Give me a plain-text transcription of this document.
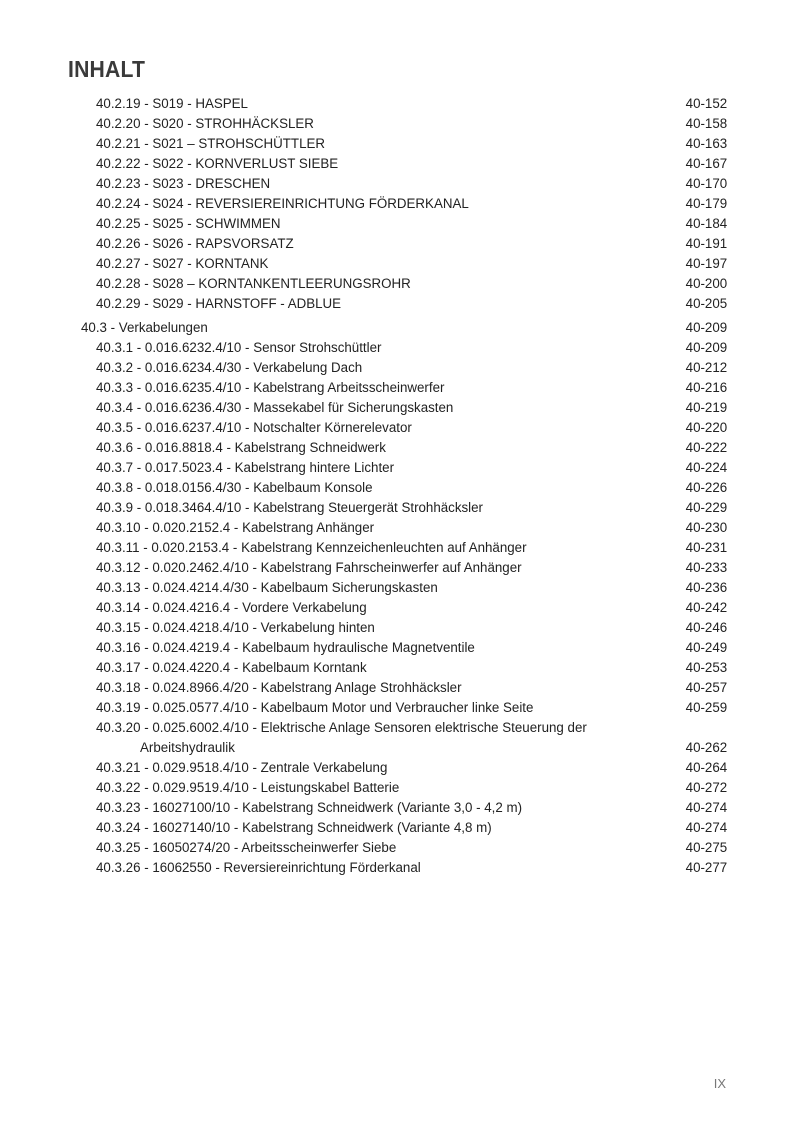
INHALT
40.2.19 - S019 - HASPEL	40-152
40.2.20 - S020 - STROHHÄCKSLER	40-158
40.2.21 - S021 – STROHSCHÜTTLER	40-163
40.2.22 - S022 - KORNVERLUST SIEBE	40-167
40.2.23 - S023 - DRESCHEN	40-170
40.2.24 - S024 - REVERSIEREINRICHTUNG FÖRDERKANAL	40-179
40.2.25 - S025 - SCHWIMMEN	40-184
40.2.26 - S026 - RAPSVORSATZ	40-191
40.2.27 - S027 - KORNTANK	40-197
40.2.28 - S028 – KORNTANKENTLEERUNGSROHR	40-200
40.2.29 - S029 - HARNSTOFF - ADBLUE	40-205
40.3 - Verkabelungen	40-209
40.3.1 - 0.016.6232.4/10 - Sensor Strohschüttler	40-209
40.3.2 - 0.016.6234.4/30 - Verkabelung Dach	40-212
40.3.3 - 0.016.6235.4/10 - Kabelstrang Arbeitsscheinwerfer	40-216
40.3.4 - 0.016.6236.4/30 - Massekabel für Sicherungskasten	40-219
40.3.5 - 0.016.6237.4/10 - Notschalter Körnerelevator	40-220
40.3.6 - 0.016.8818.4 - Kabelstrang Schneidwerk	40-222
40.3.7 - 0.017.5023.4 - Kabelstrang hintere Lichter	40-224
40.3.8 - 0.018.0156.4/30 - Kabelbaum Konsole	40-226
40.3.9 - 0.018.3464.4/10 - Kabelstrang Steuergerät Strohhäcksler	40-229
40.3.10 - 0.020.2152.4 - Kabelstrang Anhänger	40-230
40.3.11 - 0.020.2153.4 - Kabelstrang Kennzeichenleuchten auf Anhänger	40-231
40.3.12 - 0.020.2462.4/10 - Kabelstrang Fahrscheinwerfer auf Anhänger	40-233
40.3.13 - 0.024.4214.4/30 - Kabelbaum Sicherungskasten	40-236
40.3.14 - 0.024.4216.4 - Vordere Verkabelung	40-242
40.3.15 - 0.024.4218.4/10 - Verkabelung hinten	40-246
40.3.16 - 0.024.4219.4 - Kabelbaum hydraulische Magnetventile	40-249
40.3.17 - 0.024.4220.4 - Kabelbaum Korntank	40-253
40.3.18 - 0.024.8966.4/20 - Kabelstrang Anlage Strohhäcksler	40-257
40.3.19 - 0.025.0577.4/10 - Kabelbaum Motor und Verbraucher linke Seite	40-259
40.3.20 - 0.025.6002.4/10 - Elektrische Anlage Sensoren elektrische Steuerung der
Arbeitshydraulik	40-262
40.3.21 - 0.029.9518.4/10 - Zentrale Verkabelung	40-264
40.3.22 - 0.029.9519.4/10 - Leistungskabel Batterie	40-272
40.3.23 - 16027100/10 - Kabelstrang Schneidwerk (Variante 3,0 - 4,2 m)	40-274
40.3.24 - 16027140/10 - Kabelstrang Schneidwerk (Variante 4,8 m)	40-274
40.3.25 - 16050274/20 - Arbeitsscheinwerfer Siebe	40-275
40.3.26 - 16062550 - Reversiereinrichtung Förderkanal	40-277
IX
